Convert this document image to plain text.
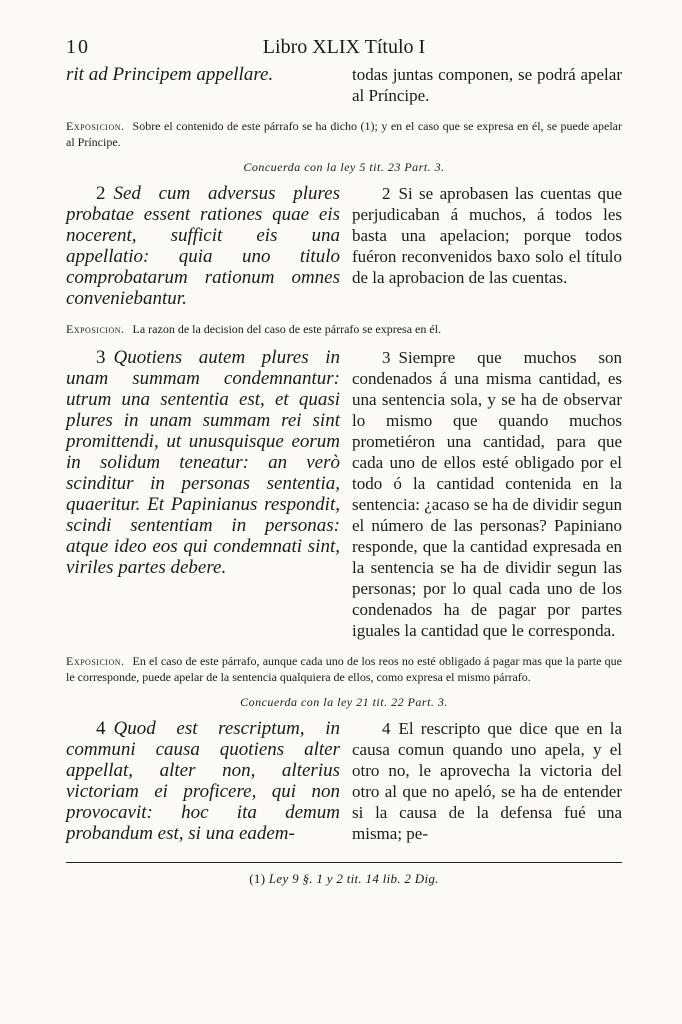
10	Libro XLIX Título I
rit ad Principem appellare.	todas juntas componen, se podrá apelar al Príncipe.
Exposicion. Sobre el contenido de este párrafo se ha dicho (1); y en el caso que se expresa en él, se puede apelar al Príncipe.
Concuerda con la ley 5 tit. 23 Part. 3.
2 Sed cum adversus plures probatae essent rationes quae eis nocerent, sufficit eis una appellatio: quia uno titulo comprobatarum rationum omnes conveniebantur.
2 Si se aprobasen las cuentas que perjudicaban á muchos, á todos les basta una apelacion; porque todos fuéron reconvenidos baxo solo el título de la aprobacion de las cuentas.
Exposicion. La razon de la decision del caso de este párrafo se expresa en él.
3 Quotiens autem plures in unam summam condemnantur: utrum una sententia est, et quasi plures in unam summam rei sint promittendi, ut unusquisque eorum in solidum teneatur: an verò scinditur in personas sententia, quaeritur. Et Papinianus respondit, scindi sententiam in personas: atque ideo eos qui condemnati sint, viriles partes debere.
3 Siempre que muchos son condenados á una misma cantidad, es una sentencia sola, y se ha de observar lo mismo que quando muchos prometiéron una cantidad, para que cada uno de ellos esté obligado por el todo ó la cantidad contenida en la sentencia: ¿acaso se ha de dividir segun el número de las personas? Papiniano responde, que la cantidad expresada en la sentencia se ha de dividir segun las personas; por lo qual cada uno de los condenados ha de pagar por partes iguales la cantidad que le corresponda.
Exposicion. En el caso de este párrafo, aunque cada uno de los reos no esté obligado á pagar mas que la parte que le corresponde, puede apelar de la sentencia qualquiera de ellos, como expresa el mismo párrafo.
Concuerda con la ley 21 tit. 22 Part. 3.
4 Quod est rescriptum, in communi causa quotiens alter appellat, alter non, alterius victoriam ei proficere, qui non provocavit: hoc ita demum probandum est, si una eadem-
4 El rescripto que dice que en la causa comun quando uno apela, y el otro no, le aprovecha la victoria del otro al que no apeló, se ha de entender si la causa de la defensa fué una misma; pe-
(1) Ley 9 §. 1 y 2 tit. 14 lib. 2 Dig.
